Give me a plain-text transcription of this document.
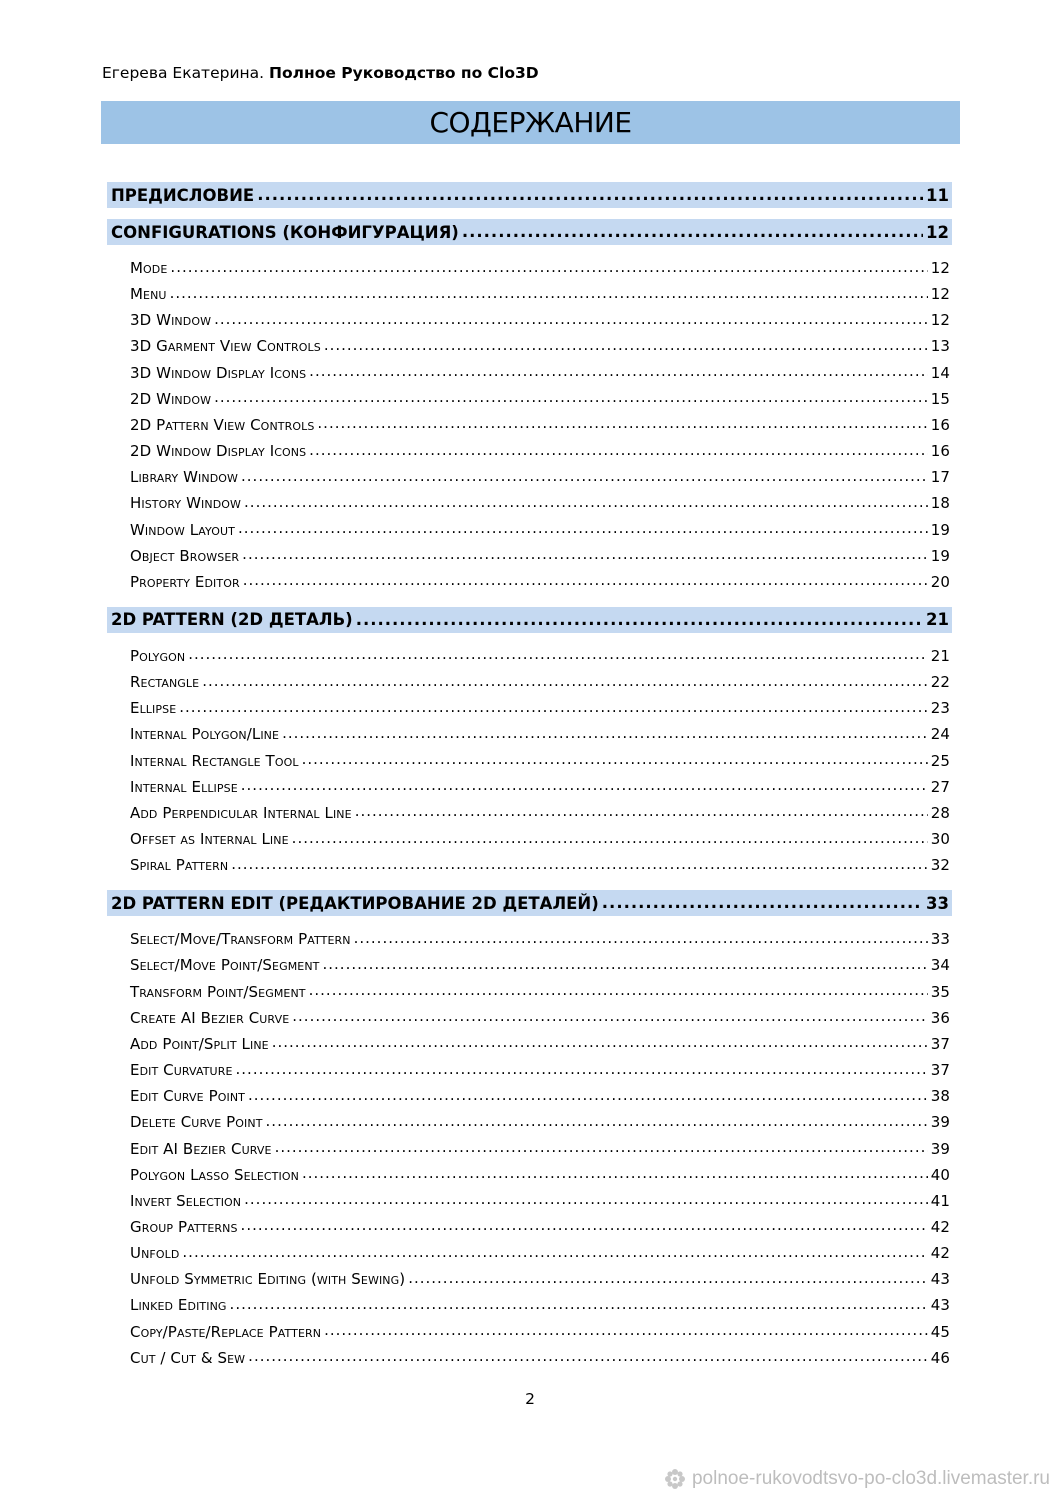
Егерева Екатерина. Полное Руководство по Clo3D
СОДЕРЖАНИЕ
ПРЕДИСЛОВИЕ .....	11
CONFIGURATIONS (КОНФИГУРАЦИЯ) .....	12
Mode .....	12
Menu .....	12
3D Window .....	12
3D Garment View Controls .....	13
3D Window Display Icons .....	14
2D Window .....	15
2D Pattern View Controls .....	16
2D Window Display Icons .....	16
Library Window .....	17
History Window .....	18
Window Layout .....	19
Object Browser .....	19
Property Editor .....	20
2D PATTERN (2D ДЕТАЛЬ) .....	21
Polygon .....	21
Rectangle .....	22
Ellipse .....	23
Internal Polygon/Line .....	24
Internal Rectangle Tool .....	25
Internal Ellipse .....	27
Add Perpendicular Internal Line .....	28
Offset as Internal Line .....	30
Spiral Pattern .....	32
2D PATTERN EDIT (РЕДАКТИРОВАНИЕ 2D ДЕТАЛЕЙ) .....	33
Select/Move/Transform Pattern .....	33
Select/Move Point/Segment .....	34
Transform Point/Segment .....	35
Create AI Bezier Curve .....	36
Add Point/Split Line .....	37
Edit Curvature .....	37
Edit Curve Point .....	38
Delete Curve Point .....	39
Edit AI Bezier Curve .....	39
Polygon Lasso Selection .....	40
Invert Selection .....	41
Group Patterns .....	42
Unfold .....	42
Unfold Symmetric Editing (with Sewing) .....	43
Linked Editing .....	43
Copy/Paste/Replace Pattern .....	45
Cut / Cut & Sew .....	46
2
polnoe-rukovodtsvo-po-clo3d.livemaster.ru
